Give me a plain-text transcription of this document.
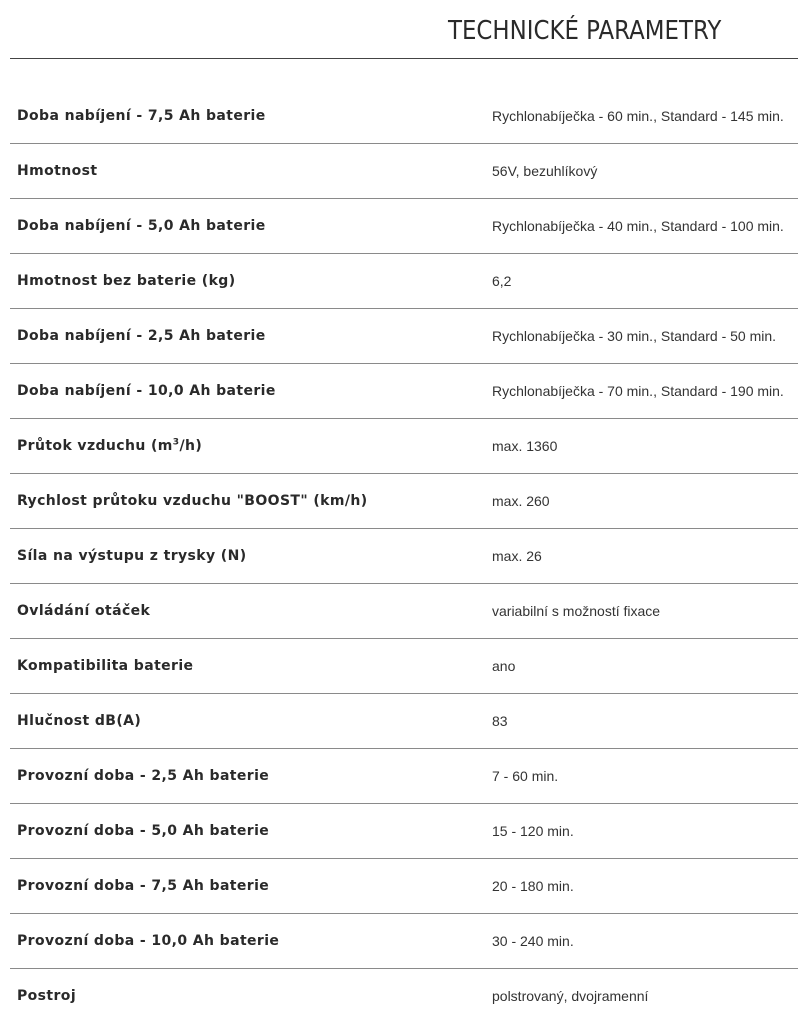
TECHNICKÉ PARAMETRY
Doba nabíjení - 7,5 Ah baterie	Rychlonabíječka - 60 min., Standard - 145 min.
Hmotnost	56V, bezuhlíkový
Doba nabíjení - 5,0 Ah baterie	Rychlonabíječka - 40 min., Standard - 100 min.
Hmotnost bez baterie (kg)	6,2
Doba nabíjení - 2,5 Ah baterie	Rychlonabíječka - 30 min., Standard - 50 min.
Doba nabíjení - 10,0 Ah baterie	Rychlonabíječka - 70 min., Standard - 190 min.
Průtok vzduchu $(m^3/h)$	max. 1360
Rychlost průtoku vzduchu "BOOST" (km/h)	max. 260
Síla na výstupu z trysky (N)	max. 26
Ovládání otáček	variabilní s možností fixace
Kompatibilita baterie	ano
Hlučnost dB(A)	83
Provozní doba - 2,5 Ah baterie	7 - 60 min.
Provozní doba - 5,0 Ah baterie	15 - 120 min.
Provozní doba - 7,5 Ah baterie	20 - 180 min.
Provozní doba - 10,0 Ah baterie	30 - 240 min.
Postroj	polstrovaný, dvojramenní
